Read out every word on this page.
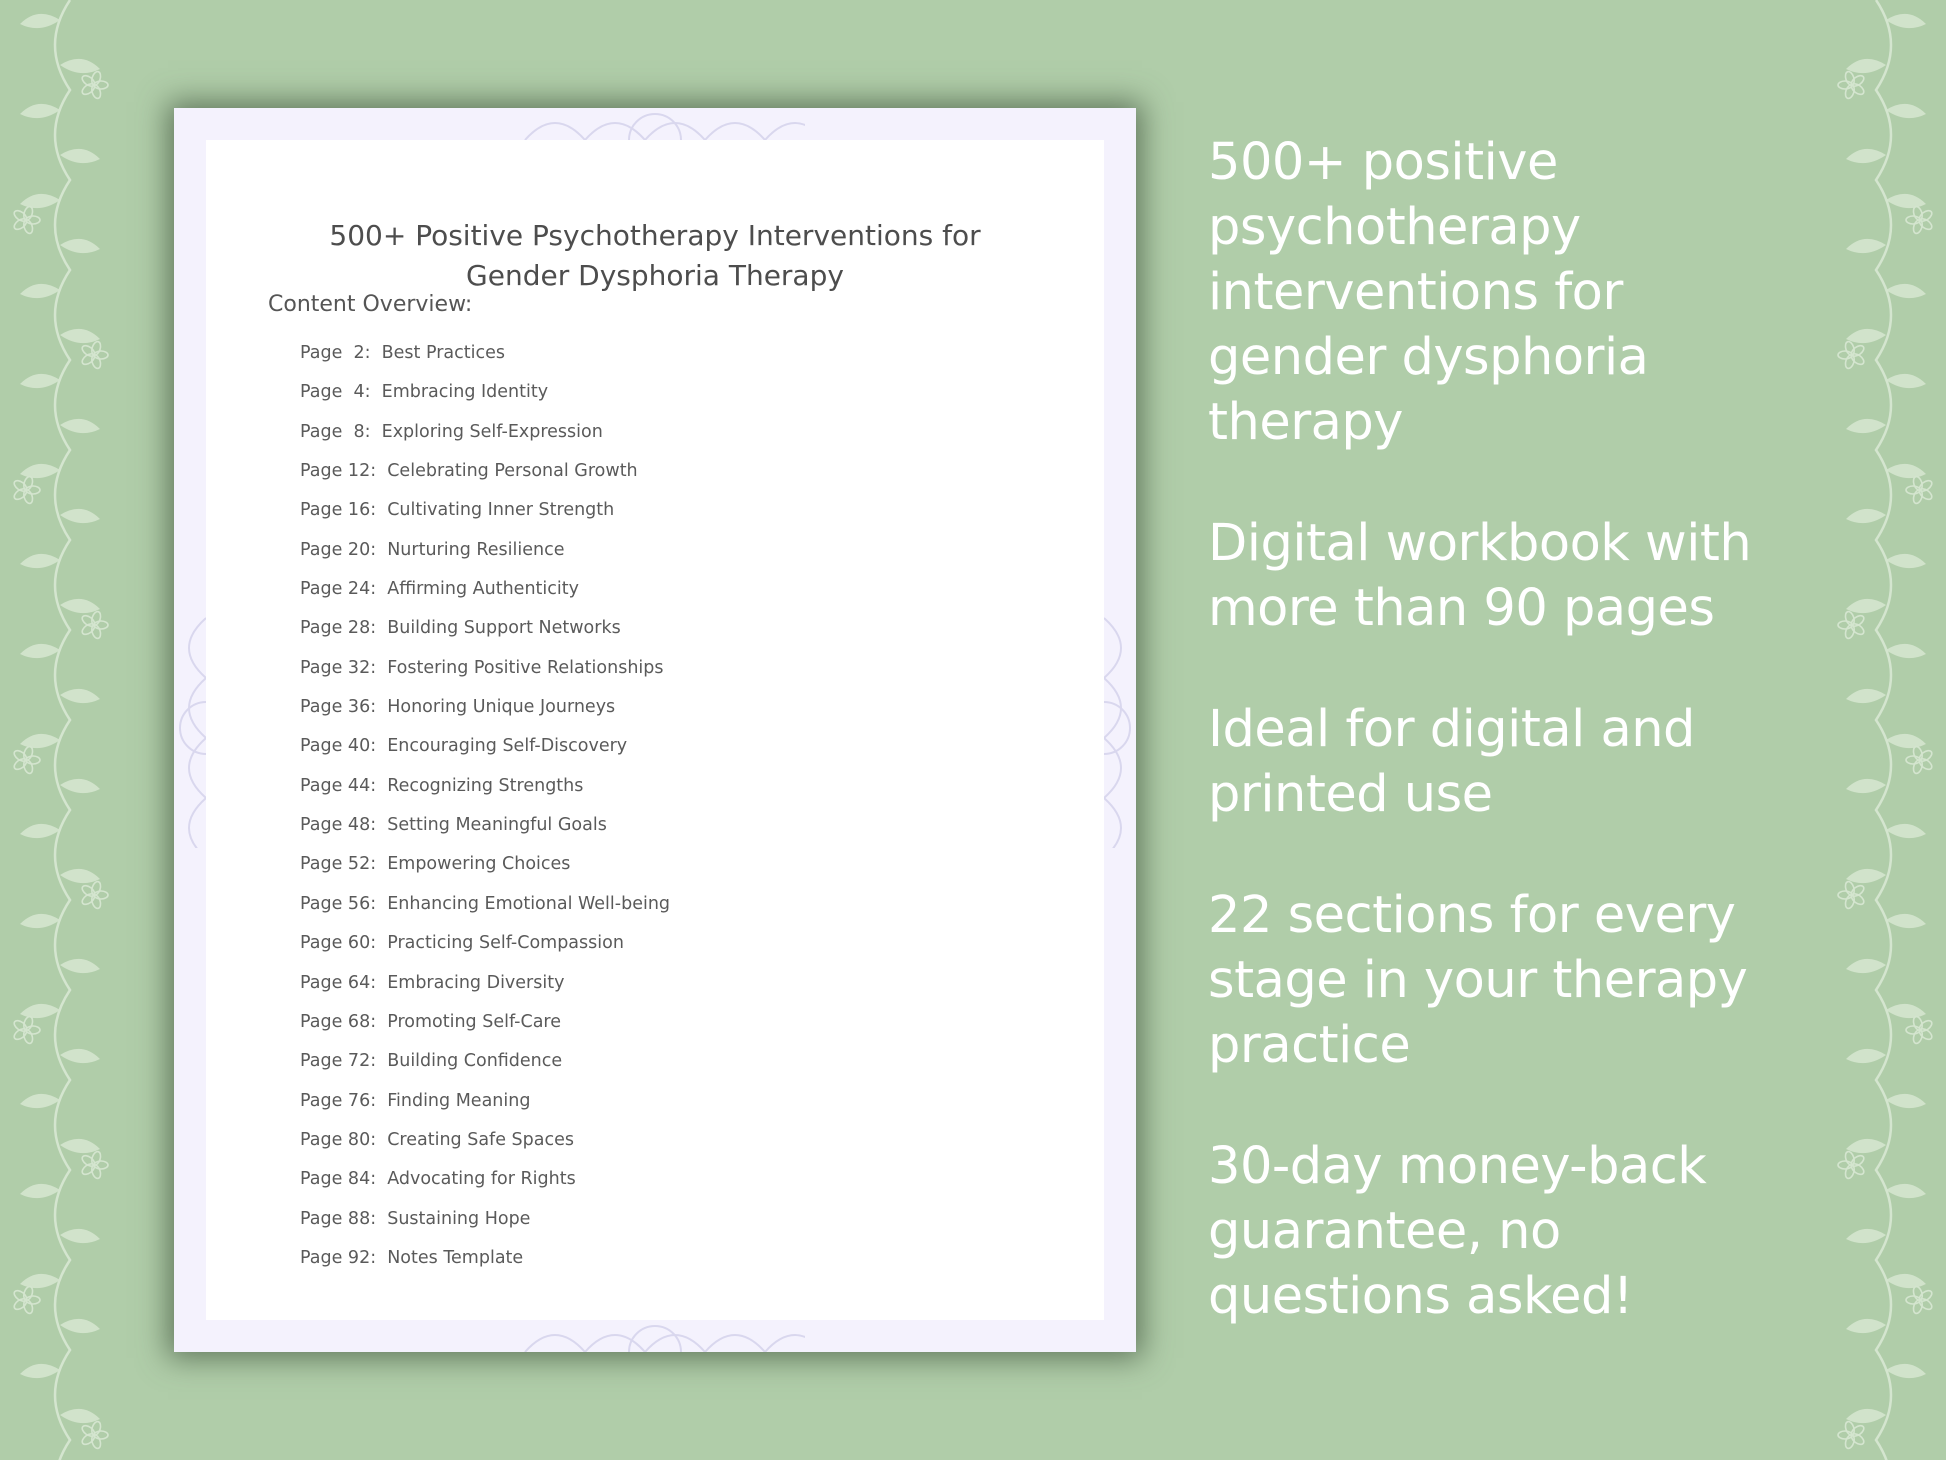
500+ Positive Psychotherapy Interventions for
Gender Dysphoria Therapy

Content Overview:

Page  2:  Best Practices
Page  4:  Embracing Identity
Page  8:  Exploring Self-Expression
Page 12:  Celebrating Personal Growth
Page 16:  Cultivating Inner Strength
Page 20:  Nurturing Resilience
Page 24:  Affirming Authenticity
Page 28:  Building Support Networks
Page 32:  Fostering Positive Relationships
Page 36:  Honoring Unique Journeys
Page 40:  Encouraging Self-Discovery
Page 44:  Recognizing Strengths
Page 48:  Setting Meaningful Goals
Page 52:  Empowering Choices
Page 56:  Enhancing Emotional Well-being
Page 60:  Practicing Self-Compassion
Page 64:  Embracing Diversity
Page 68:  Promoting Self-Care
Page 72:  Building Confidence
Page 76:  Finding Meaning
Page 80:  Creating Safe Spaces
Page 84:  Advocating for Rights
Page 88:  Sustaining Hope
Page 92:  Notes Template

500+ positive
psychotherapy
interventions for
gender dysphoria
therapy

Digital workbook with
more than 90 pages

Ideal for digital and
printed use

22 sections for every
stage in your therapy
practice

30-day money-back
guarantee, no
questions asked!
